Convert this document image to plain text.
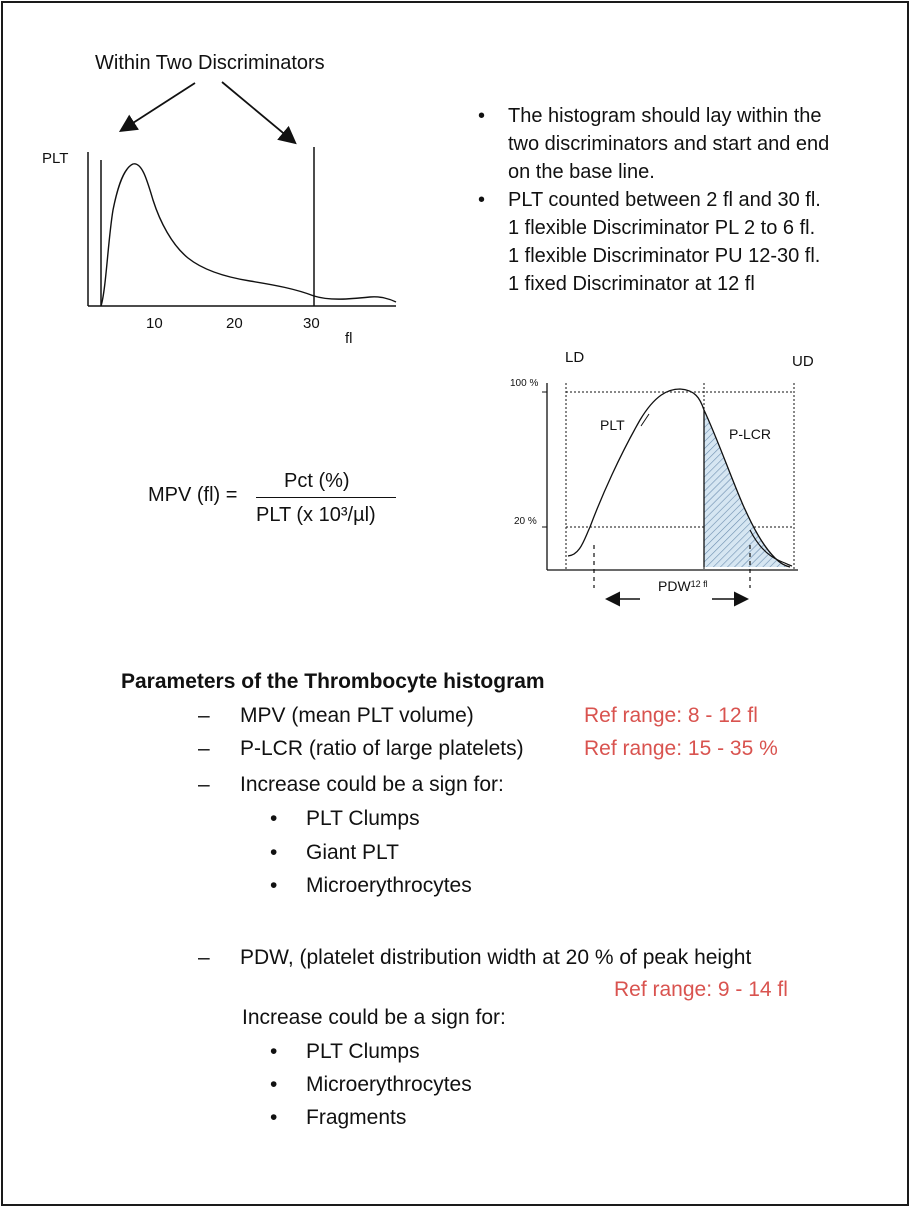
Within Two Discriminators
PLT
10	20	30
fl
• The histogram should lay within the
two discriminators and start and end
on the base line.
• PLT counted between 2 fl and 30 fl.
1 flexible Discriminator PL 2 to 6 fl.
1 flexible Discriminator PU 12-30 fl.
1 fixed Discriminator at 12 fl
MPV (fl) =
Pct (%)
PLT (x 10³/µl)
LD	UD
100 %
20 %
PLT
P-LCR
$PDW^{12 fl}$
Parameters of the Thrombocyte histogram
– MPV (mean PLT volume)	Ref range: 8 - 12 fl
– P-LCR (ratio of large platelets)	Ref range: 15 - 35 %
– Increase could be a sign for:
• PLT Clumps
• Giant PLT
• Microerythrocytes
– PDW, (platelet distribution width at 20 % of peak height
Ref range: 9 - 14 fl
Increase could be a sign for:
• PLT Clumps
• Microerythrocytes
• Fragments
